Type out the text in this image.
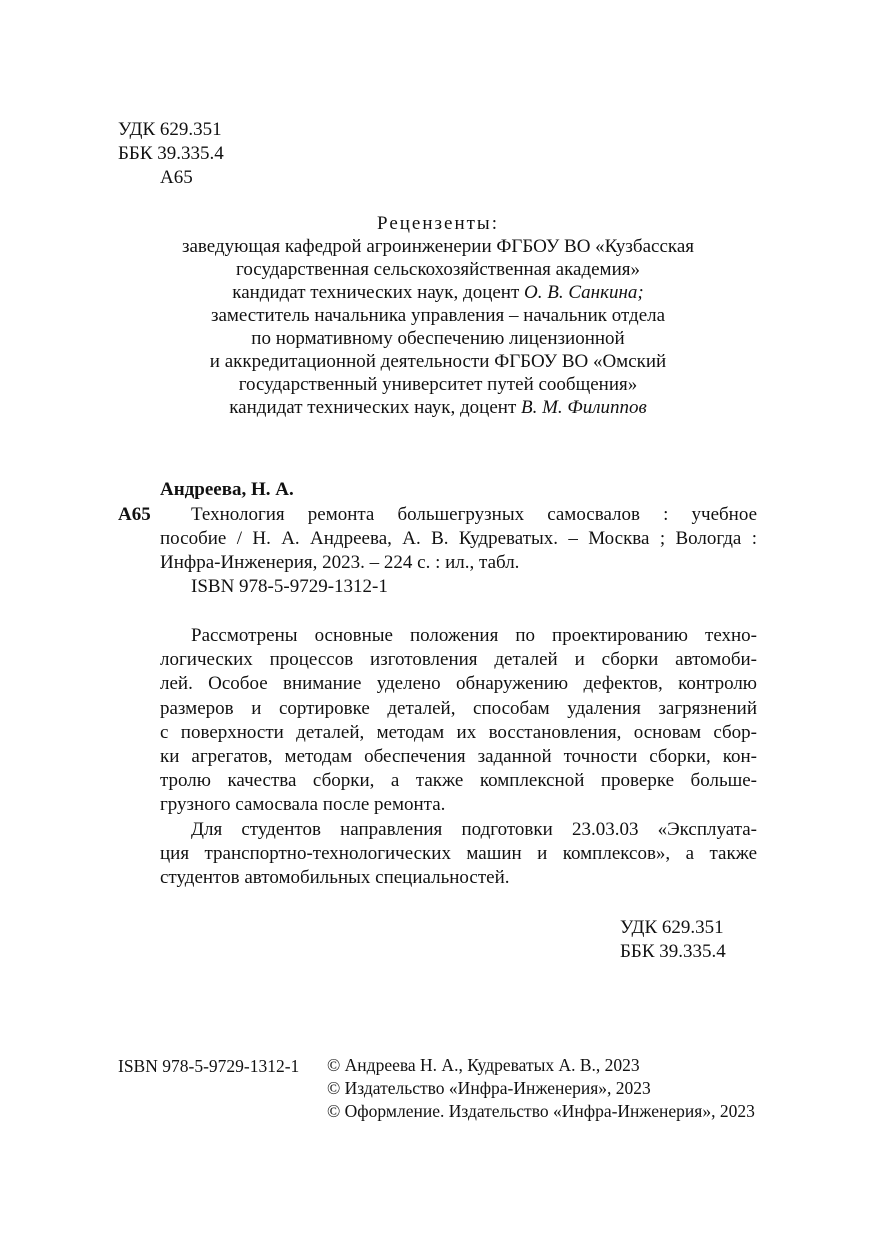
УДК 629.351
ББК 39.335.4
А65
Рецензенты:
заведующая кафедрой агроинженерии ФГБОУ ВО «Кузбасская
государственная сельскохозяйственная академия»
кандидат технических наук, доцент О. В. Санкина;
заместитель начальника управления – начальник отдела
по нормативному обеспечению лицензионной
и аккредитационной деятельности ФГБОУ ВО «Омский
государственный университет путей сообщения»
кандидат технических наук, доцент В. М. Филиппов
Андреева, Н. А.
А65	Технология ремонта большегрузных самосвалов : учебное
пособие / Н. А. Андреева, А. В. Кудреватых. – Москва ; Вологда :
Инфра-Инженерия, 2023. – 224 с. : ил., табл.
ISBN 978-5-9729-1312-1
Рассмотрены основные положения по проектированию техно-
логических процессов изготовления деталей и сборки автомоби-
лей. Особое внимание уделено обнаружению дефектов, контролю
размеров и сортировке деталей, способам удаления загрязнений
с поверхности деталей, методам их восстановления, основам сбор-
ки агрегатов, методам обеспечения заданной точности сборки, кон-
тролю качества сборки, а также комплексной проверке больше-
грузного самосвала после ремонта.
Для студентов направления подготовки 23.03.03 «Эксплуата-
ция транспортно-технологических машин и комплексов», а также
студентов автомобильных специальностей.
УДК 629.351
ББК 39.335.4
ISBN 978-5-9729-1312-1 © Андреева Н. А., Кудреватых А. В., 2023
© Издательство «Инфра-Инженерия», 2023
© Оформление. Издательство «Инфра-Инженерия», 2023
